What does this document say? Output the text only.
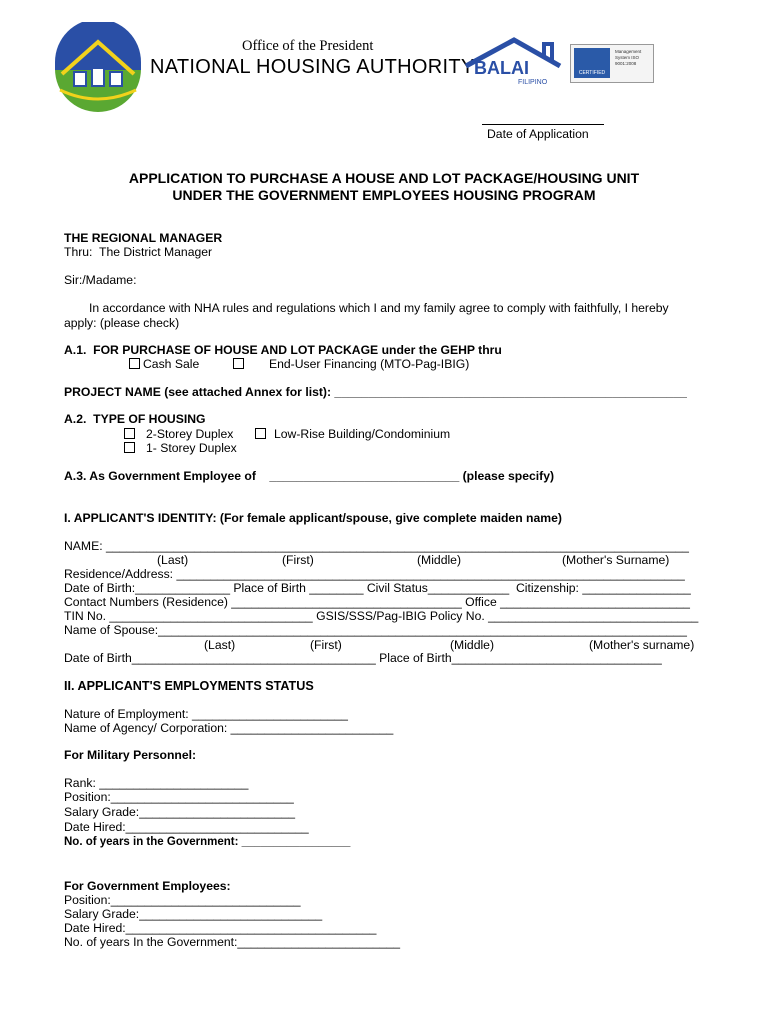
Office of the President
NATIONAL HOUSING AUTHORITY BALAI
FILIPINO
CERTIFIED
Management System ISO 9001:2008
Date of Application
APPLICATION TO PURCHASE A HOUSE AND LOT PACKAGE/HOUSING UNIT
UNDER THE GOVERNMENT EMPLOYEES HOUSING PROGRAM
THE REGIONAL MANAGER
Thru:  The District Manager
Sir:/Madame:
In accordance with NHA rules and regulations which I and my family agree to comply with faithfully, I hereby
apply: (please check)
A.1.  FOR PURCHASE OF HOUSE AND LOT PACKAGE under the GEHP thru
Cash Sale	End-User Financing (MTO-Pag-IBIG)
PROJECT NAME (see attached Annex for list): ____________________________________________________
A.2.  TYPE OF HOUSING
2-Storey Duplex	Low-Rise Building/Condominium
1- Storey Duplex
A.3. As Government Employee of    ____________________________ (please specify)
I. APPLICANT'S IDENTITY: (For female applicant/spouse, give complete maiden name)
NAME: ______________________________________________________________________________________
(Last)	(First)	(Middle)	(Mother's Surname)
Residence/Address: ___________________________________________________________________________
Date of Birth:______________ Place of Birth ________ Civil Status____________  Citizenship: ________________
Contact Numbers (Residence) __________________________________ Office ____________________________
TIN No. ______________________________ GSIS/SSS/Pag-IBIG Policy No. _______________________________
Name of Spouse:______________________________________________________________________________
(Last)	(First)	(Middle)	(Mother's surname)
Date of Birth____________________________________ Place of Birth_______________________________
II. APPLICANT'S EMPLOYMENTS STATUS
Nature of Employment: _______________________
Name of Agency/ Corporation: ________________________
For Military Personnel:
Rank: ______________________
Position:___________________________
Salary Grade:_______________________
Date Hired:___________________________
No. of years in the Government: _________________
For Government Employees:
Position:____________________________
Salary Grade:___________________________
Date Hired:_____________________________________
No. of years In the Government:________________________
